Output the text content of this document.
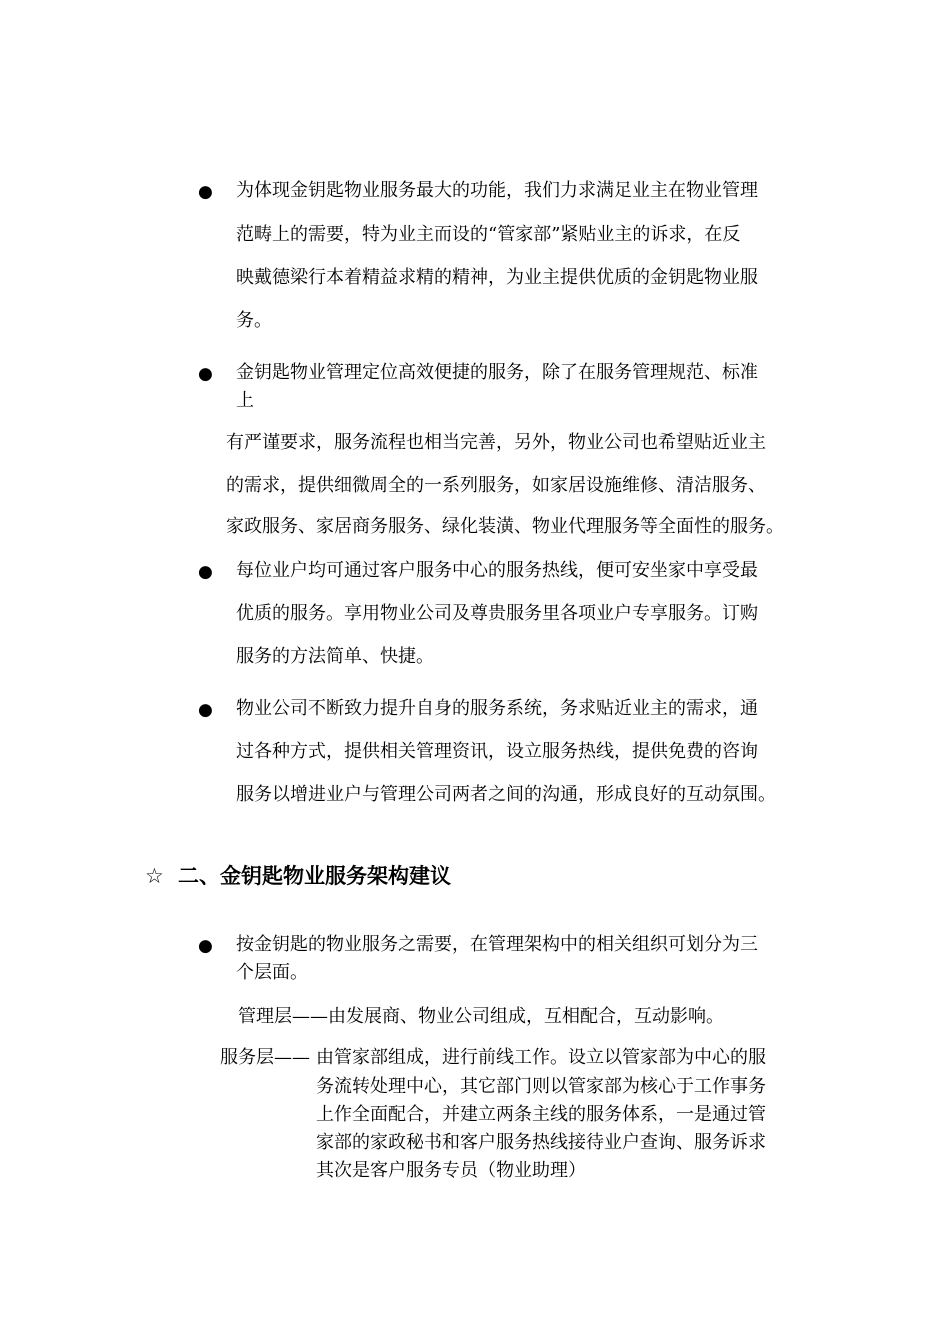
● 为体现金钥匙物业服务最大的功能，我们力求满足业主在物业管理
范畴上的需要，特为业主而设的“管家部”紧贴业主的诉求，在反
映戴德梁行本着精益求精的精神，为业主提供优质的金钥匙物业服
务。
● 金钥匙物业管理定位高效便捷的服务，除了在服务管理规范、标准
上
有严谨要求，服务流程也相当完善，另外，物业公司也希望贴近业主
的需求，提供细微周全的一系列服务，如家居设施维修、清洁服务、
家政服务、家居商务服务、绿化装潢、物业代理服务等全面性的服务。
● 每位业户均可通过客户服务中心的服务热线，便可安坐家中享受最
优质的服务。享用物业公司及尊贵服务里各项业户专享服务。订购
服务的方法简单、快捷。
● 物业公司不断致力提升自身的服务系统，务求贴近业主的需求，通
过各种方式，提供相关管理资讯，设立服务热线，提供免费的咨询
服务以增进业户与管理公司两者之间的沟通，形成良好的互动氛围。
☆ 二、金钥匙物业服务架构建议
● 按金钥匙的物业服务之需要，在管理架构中的相关组织可划分为三
个层面。
管理层——由发展商、物业公司组成，互相配合，互动影响。
服务层—— 由管家部组成，进行前线工作。设立以管家部为中心的服
务流转处理中心，其它部门则以管家部为核心于工作事务
上作全面配合，并建立两条主线的服务体系，一是通过管
家部的家政秘书和客户服务热线接待业户查询、服务诉求
其次是客户服务专员（物业助理）
